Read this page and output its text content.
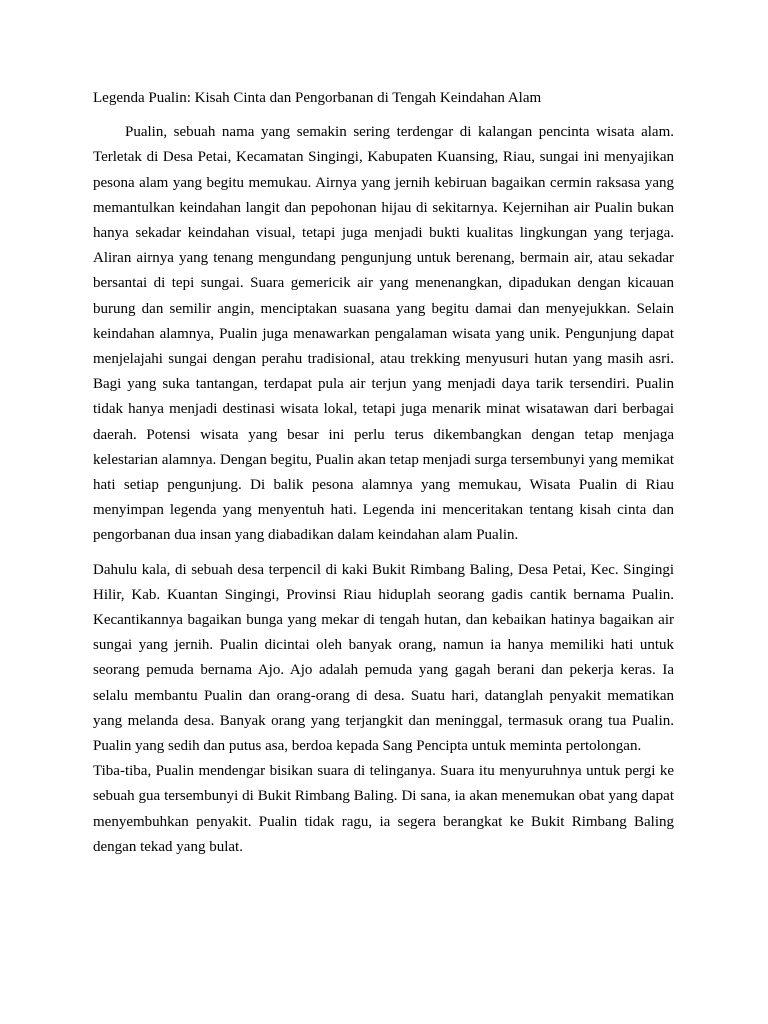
Legenda Pualin: Kisah Cinta dan Pengorbanan di Tengah Keindahan Alam

Pualin, sebuah nama yang semakin sering terdengar di kalangan pencinta wisata alam. Terletak di Desa Petai, Kecamatan Singingi, Kabupaten Kuansing, Riau, sungai ini menyajikan pesona alam yang begitu memukau. Airnya yang jernih kebiruan bagaikan cermin raksasa yang memantulkan keindahan langit dan pepohonan hijau di sekitarnya. Kejernihan air Pualin bukan hanya sekadar keindahan visual, tetapi juga menjadi bukti kualitas lingkungan yang terjaga. Aliran airnya yang tenang mengundang pengunjung untuk berenang, bermain air, atau sekadar bersantai di tepi sungai. Suara gemericik air yang menenangkan, dipadukan dengan kicauan burung dan semilir angin, menciptakan suasana yang begitu damai dan menyejukkan. Selain keindahan alamnya, Pualin juga menawarkan pengalaman wisata yang unik. Pengunjung dapat menjelajahi sungai dengan perahu tradisional, atau trekking menyusuri hutan yang masih asri. Bagi yang suka tantangan, terdapat pula air terjun yang menjadi daya tarik tersendiri. Pualin tidak hanya menjadi destinasi wisata lokal, tetapi juga menarik minat wisatawan dari berbagai daerah. Potensi wisata yang besar ini perlu terus dikembangkan dengan tetap menjaga kelestarian alamnya. Dengan begitu, Pualin akan tetap menjadi surga tersembunyi yang memikat hati setiap pengunjung. Di balik pesona alamnya yang memukau, Wisata Pualin di Riau menyimpan legenda yang menyentuh hati. Legenda ini menceritakan tentang kisah cinta dan pengorbanan dua insan yang diabadikan dalam keindahan alam Pualin.

Dahulu kala, di sebuah desa terpencil di kaki Bukit Rimbang Baling, Desa Petai, Kec. Singingi Hilir, Kab. Kuantan Singingi, Provinsi Riau hiduplah seorang gadis cantik bernama Pualin. Kecantikannya bagaikan bunga yang mekar di tengah hutan, dan kebaikan hatinya bagaikan air sungai yang jernih. Pualin dicintai oleh banyak orang, namun ia hanya memiliki hati untuk seorang pemuda bernama Ajo. Ajo adalah pemuda yang gagah berani dan pekerja keras. Ia selalu membantu Pualin dan orang-orang di desa. Suatu hari, datanglah penyakit mematikan yang melanda desa. Banyak orang yang terjangkit dan meninggal, termasuk orang tua Pualin. Pualin yang sedih dan putus asa, berdoa kepada Sang Pencipta untuk meminta pertolongan.

Tiba-tiba, Pualin mendengar bisikan suara di telinganya. Suara itu menyuruhnya untuk pergi ke sebuah gua tersembunyi di Bukit Rimbang Baling. Di sana, ia akan menemukan obat yang dapat menyembuhkan penyakit. Pualin tidak ragu, ia segera berangkat ke Bukit Rimbang Baling dengan tekad yang bulat.
